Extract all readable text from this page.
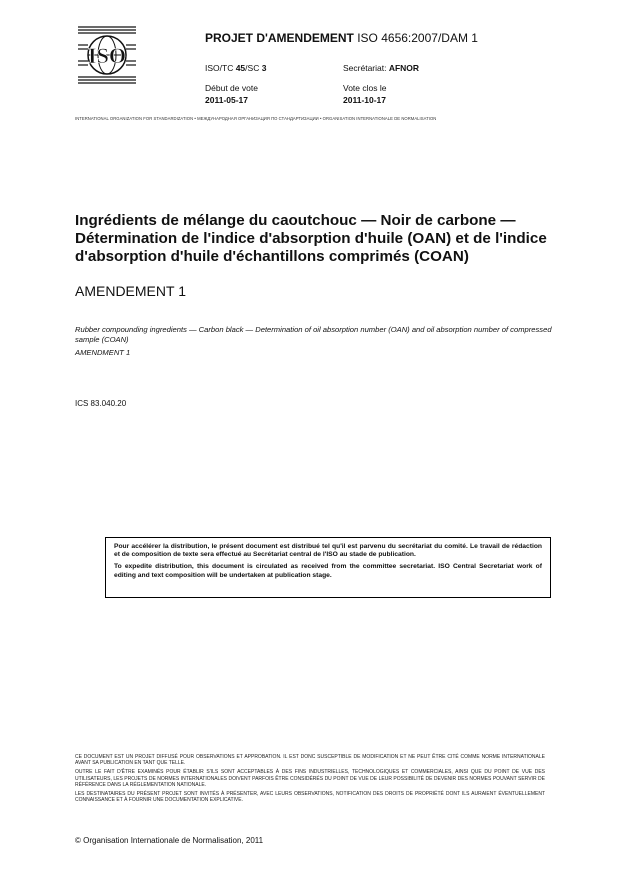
ISO
PROJET D'AMENDEMENT ISO 4656:2007/DAM 1
ISO/TC 45/SC 3	Secrétariat: AFNOR
Début de vote
2011-05-17
Vote clos le
2011-10-17
INTERNATIONAL ORGANIZATION FOR STANDARDIZATION • МЕЖДУНАРОДНАЯ ОРГАНИЗАЦИЯ ПО СТАНДАРТИЗАЦИИ • ORGANISATION INTERNATIONALE DE NORMALISATION
Ingrédients de mélange du caoutchouc — Noir de carbone — Détermination de l'indice d'absorption d'huile (OAN) et de l'indice d'absorption d'huile d'échantillons comprimés (COAN)
AMENDEMENT 1
Rubber compounding ingredients — Carbon black — Determination of oil absorption number (OAN) and oil absorption number of compressed sample (COAN)
AMENDMENT 1
ICS 83.040.20

Pour accélérer la distribution, le présent document est distribué tel qu'il est parvenu du secrétariat du comité. Le travail de rédaction et de composition de texte sera effectué au Secrétariat central de l'ISO au stade de publication.

To expedite distribution, this document is circulated as received from the committee secretariat. ISO Central Secretariat work of editing and text composition will be undertaken at publication stage.

CE DOCUMENT EST UN PROJET DIFFUSÉ POUR OBSERVATIONS ET APPROBATION. IL EST DONC SUSCEPTIBLE DE MODIFICATION ET NE PEUT ÊTRE CITÉ COMME NORME INTERNATIONALE AVANT SA PUBLICATION EN TANT QUE TELLE.

OUTRE LE FAIT D'ÊTRE EXAMINÉS POUR ÉTABLIR S'ILS SONT ACCEPTABLES À DES FINS INDUSTRIELLES, TECHNOLOGIQUES ET COMMERCIALES, AINSI QUE DU POINT DE VUE DES UTILISATEURS, LES PROJETS DE NORMES INTERNATIONALES DOIVENT PARFOIS ÊTRE CONSIDÉRÉS DU POINT DE VUE DE LEUR POSSIBILITÉ DE DEVENIR DES NORMES POUVANT SERVIR DE RÉFÉRENCE DANS LA RÉGLEMENTATION NATIONALE.

LES DESTINATAIRES DU PRÉSENT PROJET SONT INVITÉS À PRÉSENTER, AVEC LEURS OBSERVATIONS, NOTIFICATION DES DROITS DE PROPRIÉTÉ DONT ILS AURAIENT ÉVENTUELLEMENT CONNAISSANCE ET À FOURNIR UNE DOCUMENTATION EXPLICATIVE.

© Organisation Internationale de Normalisation, 2011
